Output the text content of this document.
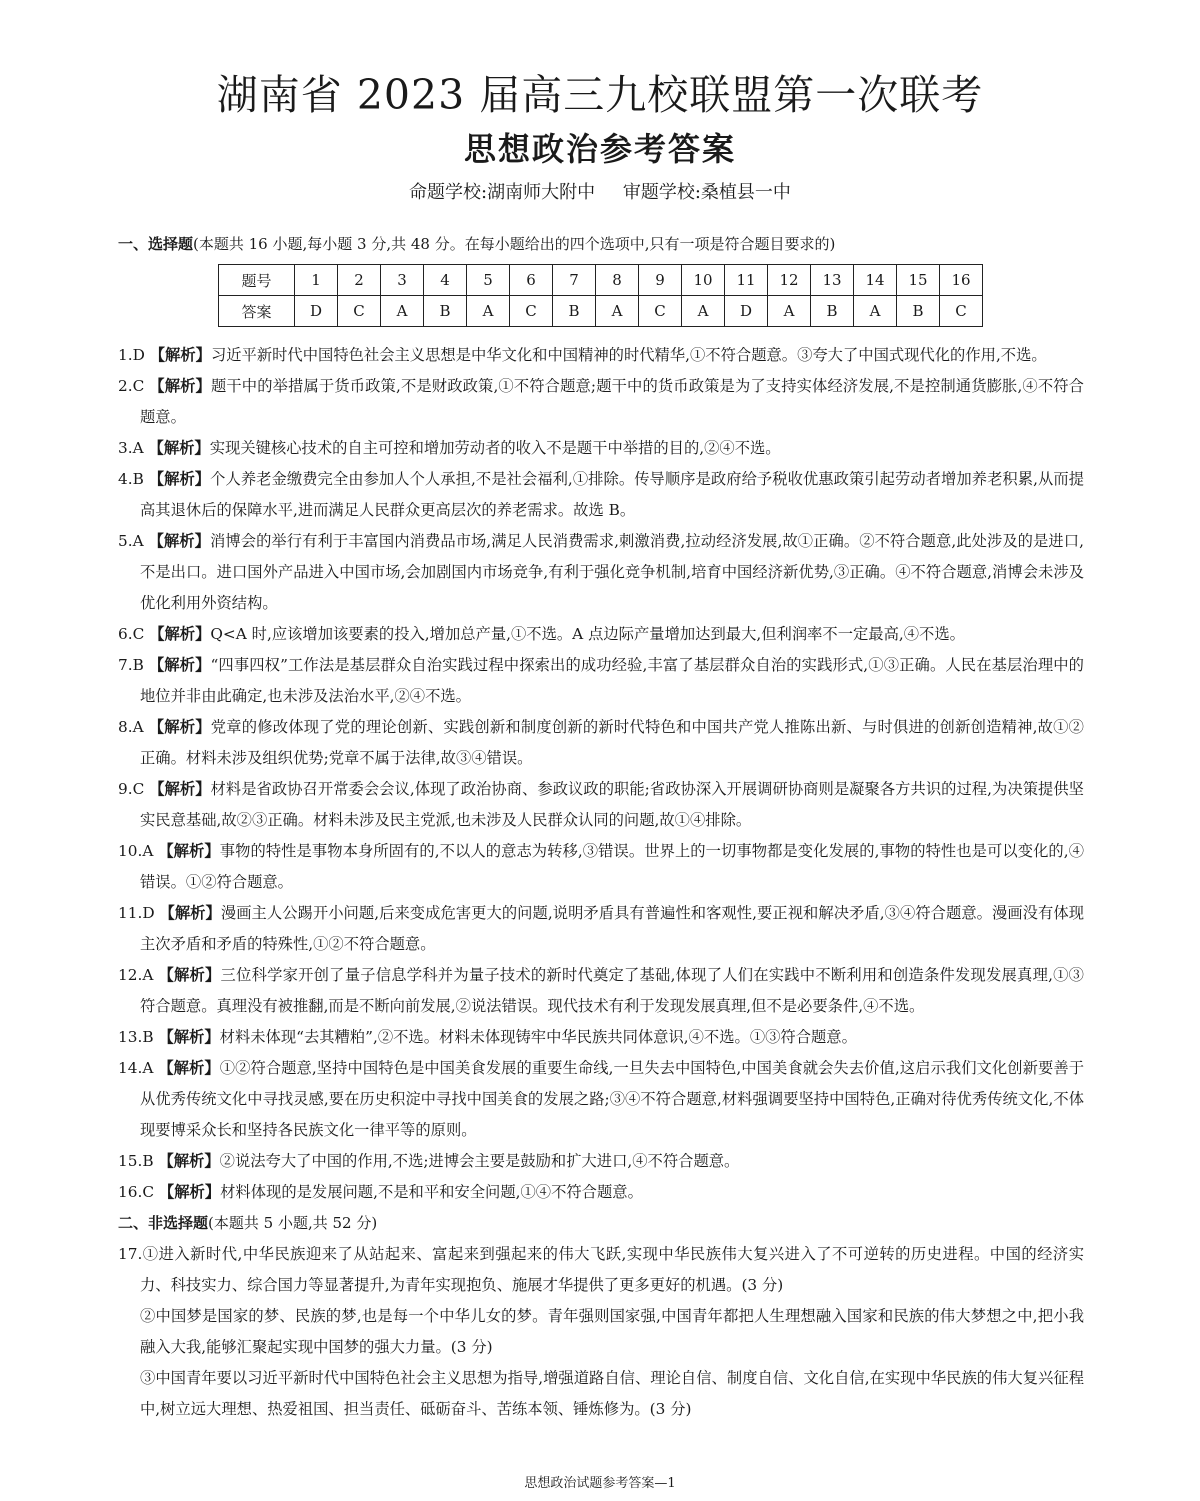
湖南省 2023 届高三九校联盟第一次联考
思想政治参考答案
命题学校:湖南师大附中 审题学校:桑植县一中
一、选择题(本题共 16 小题,每小题 3 分,共 48 分。在每小题给出的四个选项中,只有一项是符合题目要求的)
题号	1	2	3	4	5	6	7	8	9	10	11	12	13	14	15	16
答案	D	C	A	B	A	C	B	A	C	A	D	A	B	A	B	C
1.D 【解析】习近平新时代中国特色社会主义思想是中华文化和中国精神的时代精华,①不符合题意。③夸大了中国式现代化的作用,不选。
2.C 【解析】题干中的举措属于货币政策,不是财政政策,①不符合题意;题干中的货币政策是为了支持实体经济发展,不是控制通货膨胀,④不符合题意。
3.A 【解析】实现关键核心技术的自主可控和增加劳动者的收入不是题干中举措的目的,②④不选。
4.B 【解析】个人养老金缴费完全由参加人个人承担,不是社会福利,①排除。传导顺序是政府给予税收优惠政策引起劳动者增加养老积累,从而提高其退休后的保障水平,进而满足人民群众更高层次的养老需求。故选 B。
5.A 【解析】消博会的举行有利于丰富国内消费品市场,满足人民消费需求,刺激消费,拉动经济发展,故①正确。②不符合题意,此处涉及的是进口,不是出口。进口国外产品进入中国市场,会加剧国内市场竞争,有利于强化竞争机制,培育中国经济新优势,③正确。④不符合题意,消博会未涉及优化利用外资结构。
6.C 【解析】Q<A 时,应该增加该要素的投入,增加总产量,①不选。A 点边际产量增加达到最大,但利润率不一定最高,④不选。
7.B 【解析】“四事四权”工作法是基层群众自治实践过程中探索出的成功经验,丰富了基层群众自治的实践形式,①③正确。人民在基层治理中的地位并非由此确定,也未涉及法治水平,②④不选。
8.A 【解析】党章的修改体现了党的理论创新、实践创新和制度创新的新时代特色和中国共产党人推陈出新、与时俱进的创新创造精神,故①②正确。材料未涉及组织优势;党章不属于法律,故③④错误。
9.C 【解析】材料是省政协召开常委会会议,体现了政治协商、参政议政的职能;省政协深入开展调研协商则是凝聚各方共识的过程,为决策提供坚实民意基础,故②③正确。材料未涉及民主党派,也未涉及人民群众认同的问题,故①④排除。
10.A 【解析】事物的特性是事物本身所固有的,不以人的意志为转移,③错误。世界上的一切事物都是变化发展的,事物的特性也是可以变化的,④错误。①②符合题意。
11.D 【解析】漫画主人公踢开小问题,后来变成危害更大的问题,说明矛盾具有普遍性和客观性,要正视和解决矛盾,③④符合题意。漫画没有体现主次矛盾和矛盾的特殊性,①②不符合题意。
12.A 【解析】三位科学家开创了量子信息学科并为量子技术的新时代奠定了基础,体现了人们在实践中不断利用和创造条件发现发展真理,①③符合题意。真理没有被推翻,而是不断向前发展,②说法错误。现代技术有利于发现发展真理,但不是必要条件,④不选。
13.B 【解析】材料未体现“去其糟粕”,②不选。材料未体现铸牢中华民族共同体意识,④不选。①③符合题意。
14.A 【解析】①②符合题意,坚持中国特色是中国美食发展的重要生命线,一旦失去中国特色,中国美食就会失去价值,这启示我们文化创新要善于从优秀传统文化中寻找灵感,要在历史积淀中寻找中国美食的发展之路;③④不符合题意,材料强调要坚持中国特色,正确对待优秀传统文化,不体现要博采众长和坚持各民族文化一律平等的原则。
15.B 【解析】②说法夸大了中国的作用,不选;进博会主要是鼓励和扩大进口,④不符合题意。
16.C 【解析】材料体现的是发展问题,不是和平和安全问题,①④不符合题意。
二、非选择题(本题共 5 小题,共 52 分)
17.①进入新时代,中华民族迎来了从站起来、富起来到强起来的伟大飞跃,实现中华民族伟大复兴进入了不可逆转的历史进程。中国的经济实力、科技实力、综合国力等显著提升,为青年实现抱负、施展才华提供了更多更好的机遇。(3 分)
②中国梦是国家的梦、民族的梦,也是每一个中华儿女的梦。青年强则国家强,中国青年都把人生理想融入国家和民族的伟大梦想之中,把小我融入大我,能够汇聚起实现中国梦的强大力量。(3 分)
③中国青年要以习近平新时代中国特色社会主义思想为指导,增强道路自信、理论自信、制度自信、文化自信,在实现中华民族的伟大复兴征程中,树立远大理想、热爱祖国、担当责任、砥砺奋斗、苦练本领、锤炼修为。(3 分)
思想政治试题参考答案—1
